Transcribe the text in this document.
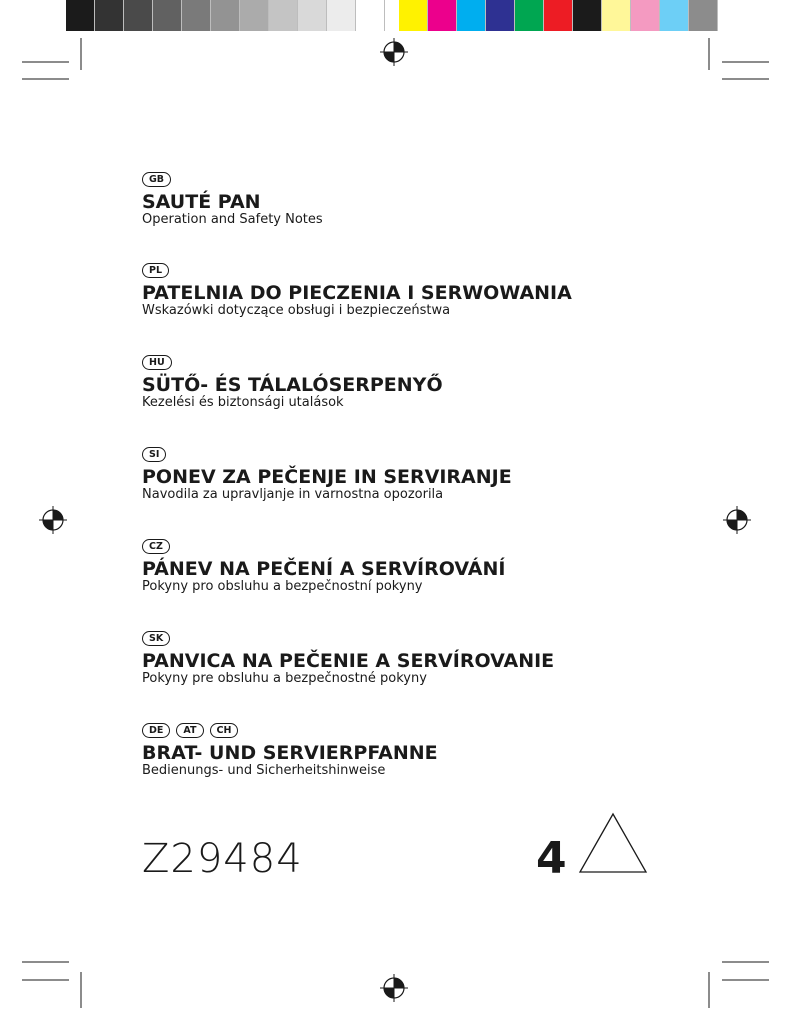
GB
SAUTÉ PAN
Operation and Safety Notes
PL
PATELNIA DO PIECZENIA I SERWOWANIA
Wskazówki dotyczące obsługi i bezpieczeństwa
HU
SÜTŐ- ÉS TÁLALÓSERPENYŐ
Kezelési és biztonsági utalások
SI
PONEV ZA PEČENJE IN SERVIRANJE
Navodila za upravljanje in varnostna opozorila
CZ
PÁNEV NA PEČENÍ A SERVÍROVÁNÍ
Pokyny pro obsluhu a bezpečnostní pokyny
SK
PANVICA NA PEČENIE A SERVÍROVANIE
Pokyny pre obsluhu a bezpečnostné pokyny
DE	AT	CH
BRAT- UND SERVIERPFANNE
Bedienungs- und Sicherheitshinweise
Z29484	4
